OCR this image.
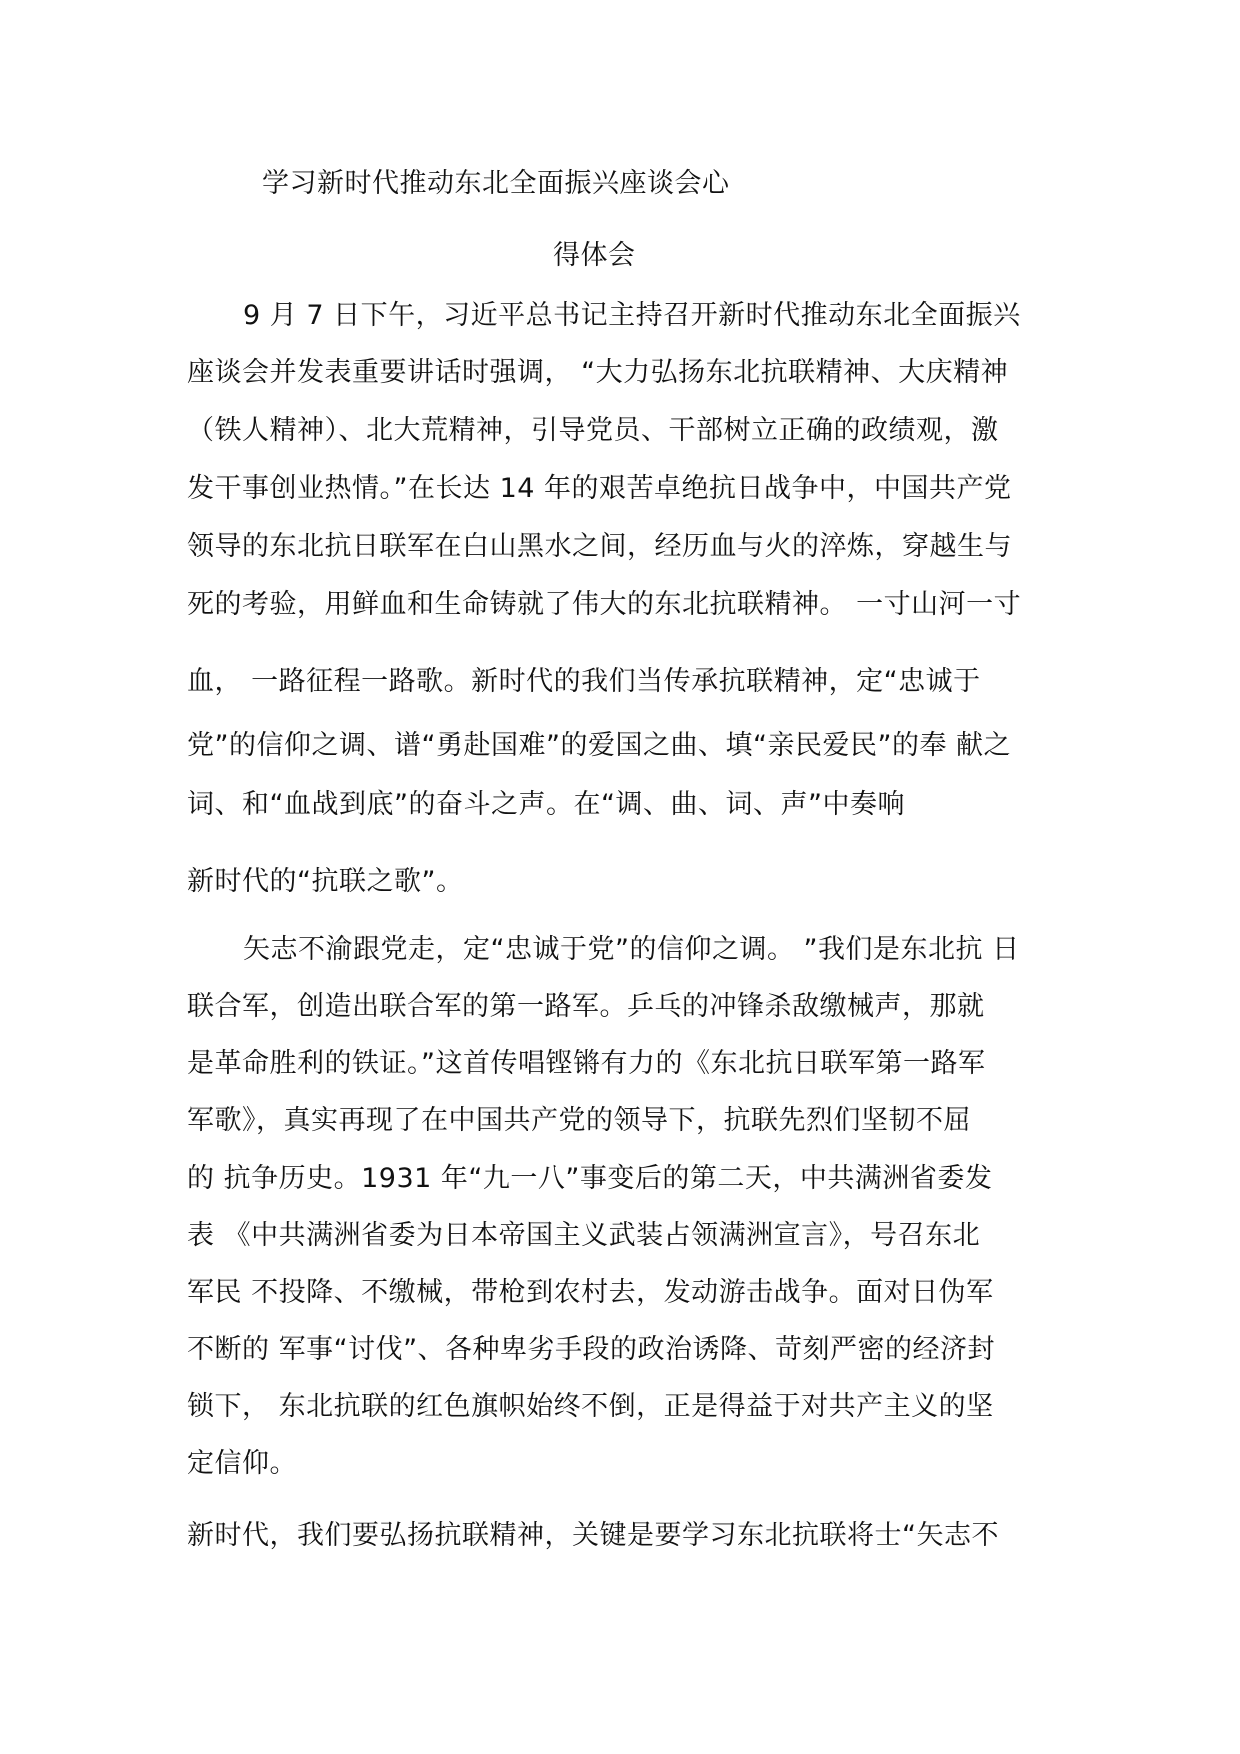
学习新时代推动东北全面振兴座谈会心
得体会
9 月 7 日下午，习近平总书记主持召开新时代推动东北全面振兴
座谈会并发表重要讲话时强调， “大力弘扬东北抗联精神、大庆精神
（铁人精神）、北大荒精神，引导党员、干部树立正确的政绩观，激
发干事创业热情。”在长达 14 年的艰苦卓绝抗日战争中，中国共产党
领导的东北抗日联军在白山黑水之间，经历血与火的淬炼，穿越生与
死的考验，用鲜血和生命铸就了伟大的东北抗联精神。 一寸山河一寸
血， 一路征程一路歌。新时代的我们当传承抗联精神，定“忠诚于
党”的信仰之调、谱“勇赴国难”的爱国之曲、填“亲民爱民”的奉 献之
词、和“血战到底”的奋斗之声。在“调、曲、词、声”中奏响
新时代的“抗联之歌”。
矢志不渝跟党走，定“忠诚于党”的信仰之调。 ”我们是东北抗 日
联合军，创造出联合军的第一路军。乒乓的冲锋杀敌缴械声，那就
是革命胜利的铁证。”这首传唱铿锵有力的《东北抗日联军第一路军
军歌》，真实再现了在中国共产党的领导下，抗联先烈们坚韧不屈
的 抗争历史。1931 年“九一八”事变后的第二天，中共满洲省委发
表 《中共满洲省委为日本帝国主义武装占领满洲宣言》，号召东北
军民 不投降、不缴械，带枪到农村去，发动游击战争。面对日伪军
不断的 军事“讨伐”、各种卑劣手段的政治诱降、苛刻严密的经济封
锁下， 东北抗联的红色旗帜始终不倒，正是得益于对共产主义的坚
定信仰。
新时代，我们要弘扬抗联精神，关键是要学习东北抗联将士“矢志不
